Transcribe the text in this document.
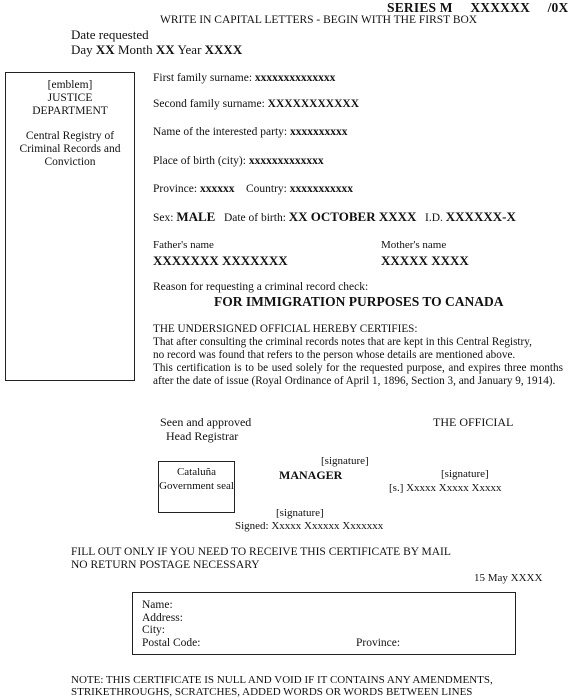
SERIES M XXXXXX /0X
WRITE IN CAPITAL LETTERS - BEGIN WITH THE FIRST BOX
Date requested
Day XX Month XX Year XXXX
[emblem]
JUSTICE
DEPARTMENT
Central Registry of Criminal Records and Conviction
First family surname: xxxxxxxxxxxxxx
Second family surname: XXXXXXXXXXX
Name of the interested party: xxxxxxxxxx
Place of birth (city): xxxxxxxxxxxxx
Province: xxxxxx Country: xxxxxxxxxxx
Sex: MALE Date of birth: XX OCTOBER XXXX I.D. XXXXXX-X
Father's name
XXXXXXX XXXXXXX
Mother's name
XXXXX XXXX
Reason for requesting a criminal record check:
FOR IMMIGRATION PURPOSES TO CANADA
THE UNDERSIGNED OFFICIAL HEREBY CERTIFIES:
That after consulting the criminal records notes that are kept in this Central Registry,
no record was found that refers to the person whose details are mentioned above.
This certification is to be used solely for the requested purpose, and expires three months after the date of issue (Royal Ordinance of April 1, 1896, Section 3, and January 9, 1914).
Seen and approved
Head Registrar
THE OFFICIAL
[signature]
MANAGER	[signature]
[s.] Xxxxx Xxxxx Xxxxx
Cataluña Government seal
[signature]
Signed: Xxxxx Xxxxxx Xxxxxxx
FILL OUT ONLY IF YOU NEED TO RECEIVE THIS CERTIFICATE BY MAIL
NO RETURN POSTAGE NECESSARY
15 May XXXX
Name:
Address:
City:
Postal Code:	Province:
NOTE: THIS CERTIFICATE IS NULL AND VOID IF IT CONTAINS ANY AMENDMENTS,
STRIKETHROUGHS, SCRATCHES, ADDED WORDS OR WORDS BETWEEN LINES
